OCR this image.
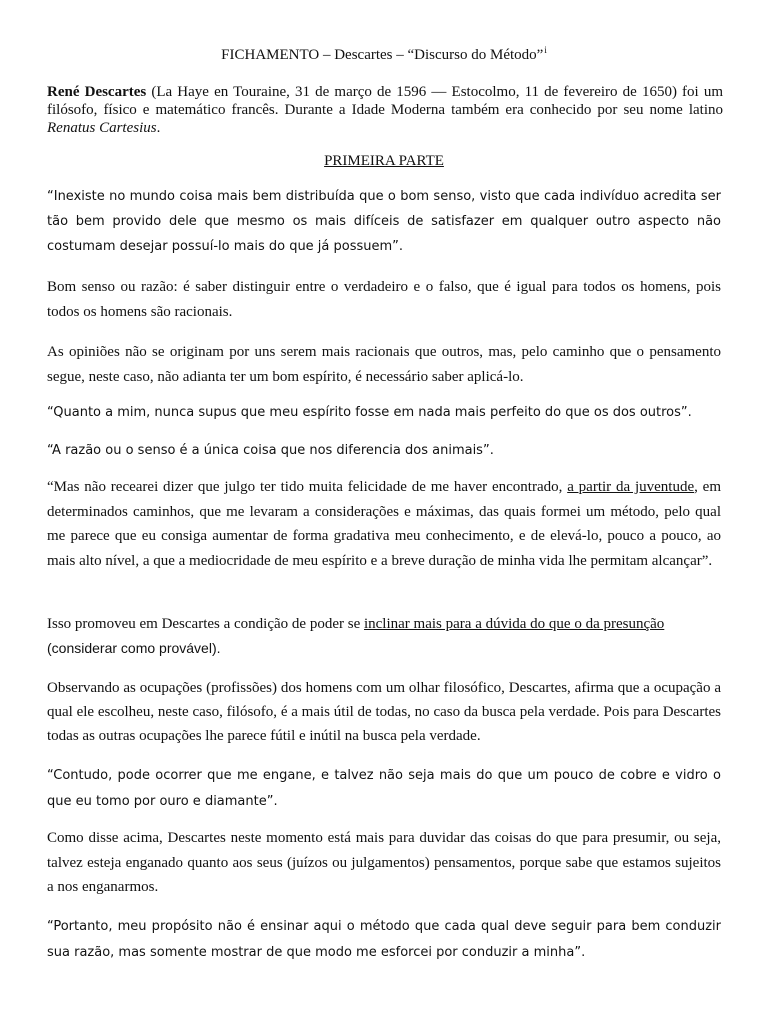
FICHAMENTO – Descartes – “Discurso do Método”$^i$
René Descartes (La Haye en Touraine, 31 de março de 1596 — Estocolmo, 11 de fevereiro de 1650) foi um filósofo, físico e matemático francês. Durante a Idade Moderna também era conhecido por seu nome latino Renatus Cartesius.
PRIMEIRA PARTE

“Inexiste no mundo coisa mais bem distribuída que o bom senso, visto que cada indivíduo acredita ser tão bem provido dele que mesmo os mais difíceis de satisfazer em qualquer outro aspecto não costumam desejar possuí-lo mais do que já possuem”.

Bom senso ou razão: é saber distinguir entre o verdadeiro e o falso, que é igual para todos os homens, pois todos os homens são racionais.

As opiniões não se originam por uns serem mais racionais que outros, mas, pelo caminho que o pensamento segue, neste caso, não adianta ter um bom espírito, é necessário saber aplicá-lo.

“Quanto a mim, nunca supus que meu espírito fosse em nada mais perfeito do que os dos outros”.

“A razão ou o senso é a única coisa que nos diferencia dos animais”.

“Mas não recearei dizer que julgo ter tido muita felicidade de me haver encontrado, a partir da juventude, em determinados caminhos, que me levaram a considerações e máximas, das quais formei um método, pelo qual me parece que eu consiga aumentar de forma gradativa meu conhecimento, e de elevá-lo, pouco a pouco, ao mais alto nível, a que a mediocridade de meu espírito e a breve duração de minha vida lhe permitam alcançar”.

Isso promoveu em Descartes a condição de poder se inclinar mais para a dúvida do que o da presunção
(considerar como provável).

Observando as ocupações (profissões) dos homens com um olhar filosófico, Descartes, afirma que a ocupação a qual ele escolheu, neste caso, filósofo, é a mais útil de todas, no caso da busca pela verdade. Pois para Descartes todas as outras ocupações lhe parece fútil e inútil na busca pela verdade.

“Contudo, pode ocorrer que me engane, e talvez não seja mais do que um pouco de cobre e vidro o que eu tomo por ouro e diamante”.

Como disse acima, Descartes neste momento está mais para duvidar das coisas do que para presumir, ou seja, talvez esteja enganado quanto aos seus (juízos ou julgamentos) pensamentos, porque sabe que estamos sujeitos a nos enganarmos.

“Portanto, meu propósito não é ensinar aqui o método que cada qual deve seguir para bem conduzir sua razão, mas somente mostrar de que modo me esforcei por conduzir a minha”.
